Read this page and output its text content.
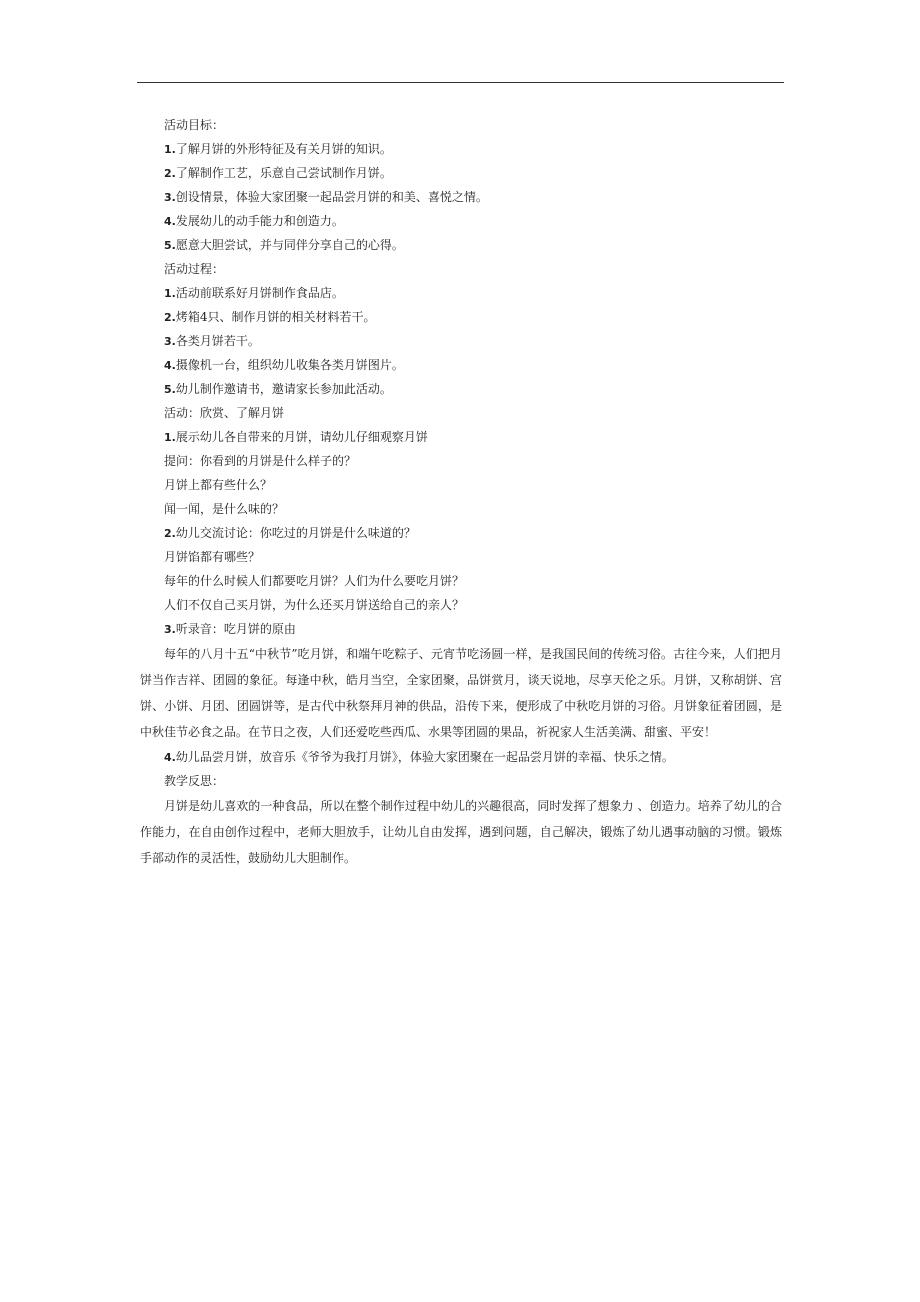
活动目标：
1.了解月饼的外形特征及有关月饼的知识。
2.了解制作工艺，乐意自己尝试制作月饼。
3.创设情景，体验大家团聚一起品尝月饼的和美、喜悦之情。
4.发展幼儿的动手能力和创造力。
5.愿意大胆尝试，并与同伴分享自己的心得。
活动过程：
1.活动前联系好月饼制作食品店。
2.烤箱4只、制作月饼的相关材料若干。
3.各类月饼若干。
4.摄像机一台，组织幼儿收集各类月饼图片。
5.幼儿制作邀请书，邀请家长参加此活动。
活动：欣赏、了解月饼
1.展示幼儿各自带来的月饼，请幼儿仔细观察月饼
提问：你看到的月饼是什么样子的？
月饼上都有些什么？
闻一闻，是什么味的？
2.幼儿交流讨论：你吃过的月饼是什么味道的？
月饼馅都有哪些？
每年的什么时候人们都要吃月饼？人们为什么要吃月饼？
人们不仅自己买月饼，为什么还买月饼送给自己的亲人？
3.听录音：吃月饼的原由
每年的八月十五“中秋节”吃月饼，和端午吃粽子、元宵节吃汤圆一样，是我国民间的传统习俗。古往今来，人们把月饼当作吉祥、团圆的象征。每逢中秋，皓月当空，全家团聚，品饼赏月，谈天说地，尽享天伦之乐。月饼，又称胡饼、宫饼、小饼、月团、团圆饼等，是古代中秋祭拜月神的供品，沿传下来，便形成了中秋吃月饼的习俗。月饼象征着团圆，是中秋佳节必食之品。在节日之夜，人们还爱吃些西瓜、水果等团圆的果品，祈祝家人生活美满、甜蜜、平安！
4.幼儿品尝月饼，放音乐《爷爷为我打月饼》，体验大家团聚在一起品尝月饼的幸福、快乐之情。
教学反思：
月饼是幼儿喜欢的一种食品，所以在整个制作过程中幼儿的兴趣很高，同时发挥了想象力 、创造力。培养了幼儿的合作能力，在自由创作过程中，老师大胆放手，让幼儿自由发挥，遇到问题，自己解决，锻炼了幼儿遇事动脑的习惯。锻炼手部动作的灵活性，鼓励幼儿大胆制作。
